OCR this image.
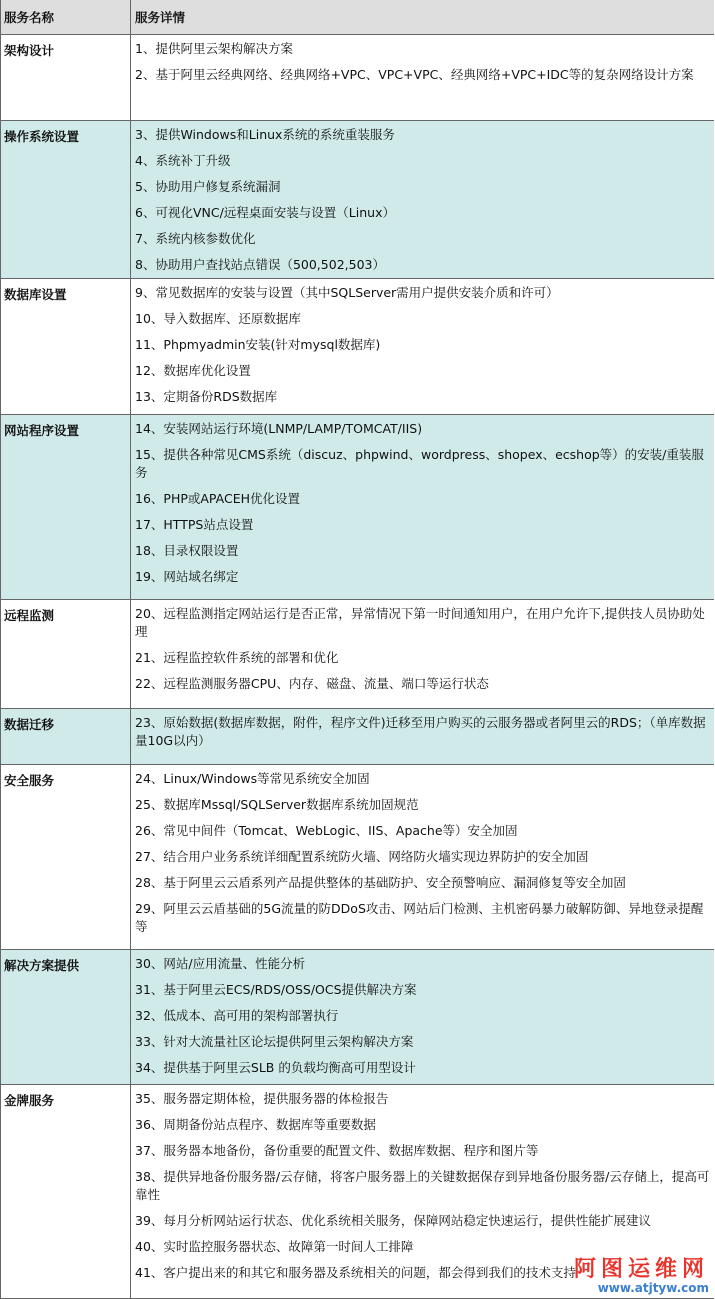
服务名称	服务详情
架构设计	1、提供阿里云架构解决方案
2、基于阿里云经典网络、经典网络+VPC、VPC+VPC、经典网络+VPC+IDC等的复杂网络设计方案
操作系统设置	3、提供Windows和Linux系统的系统重装服务
4、系统补丁升级
5、协助用户修复系统漏洞
6、可视化VNC/远程桌面安装与设置（Linux）
7、系统内核参数优化
8、协助用户查找站点错误（500,502,503）
数据库设置	9、常见数据库的安装与设置（其中SQLServer需用户提供安装介质和许可）
10、导入数据库、还原数据库
11、Phpmyadmin安装(针对mysql数据库)
12、数据库优化设置
13、定期备份RDS数据库
网站程序设置	14、安装网站运行环境(LNMP/LAMP/TOMCAT/IIS)
15、提供各种常见CMS系统（discuz、phpwind、wordpress、shopex、ecshop等）的安装/重装服务
16、PHP或APACEH优化设置
17、HTTPS站点设置
18、目录权限设置
19、网站域名绑定
远程监测	20、远程监测指定网站运行是否正常，异常情况下第一时间通知用户，在用户允许下,提供技人员协助处理
21、远程监控软件系统的部署和优化
22、远程监测服务器CPU、内存、磁盘、流量、端口等运行状态
数据迁移	23、原始数据(数据库数据，附件，程序文件)迁移至用户购买的云服务器或者阿里云的RDS；（单库数据量10G以内）
安全服务	24、Linux/Windows等常见系统安全加固
25、数据库Mssql/SQLServer数据库系统加固规范
26、常见中间件（Tomcat、WebLogic、IIS、Apache等）安全加固
27、结合用户业务系统详细配置系统防火墙、网络防火墙实现边界防护的安全加固
28、基于阿里云云盾系列产品提供整体的基础防护、安全预警响应、漏洞修复等安全加固
29、阿里云云盾基础的5G流量的防DDoS攻击、网站后门检测、主机密码暴力破解防御、异地登录提醒等
解决方案提供	30、网站/应用流量、性能分析
31、基于阿里云ECS/RDS/OSS/OCS提供解决方案
32、低成本、高可用的架构部署执行
33、针对大流量社区论坛提供阿里云架构解决方案
34、提供基于阿里云SLB 的负载均衡高可用型设计
金牌服务	35、服务器定期体检，提供服务器的体检报告
36、周期备份站点程序、数据库等重要数据
37、服务器本地备份，备份重要的配置文件、数据库数据、程序和图片等
38、提供异地备份服务器/云存储，将客户服务器上的关键数据保存到异地备份服务器/云存储上，提高可靠性
39、每月分析网站运行状态、优化系统相关服务，保障网站稳定快速运行，提供性能扩展建议
40、实时监控服务器状态、故障第一时间人工排障
41、客户提出来的和其它和服务器及系统相关的问题，都会得到我们的技术支持
阿图运维网
www.atjtyw.com
